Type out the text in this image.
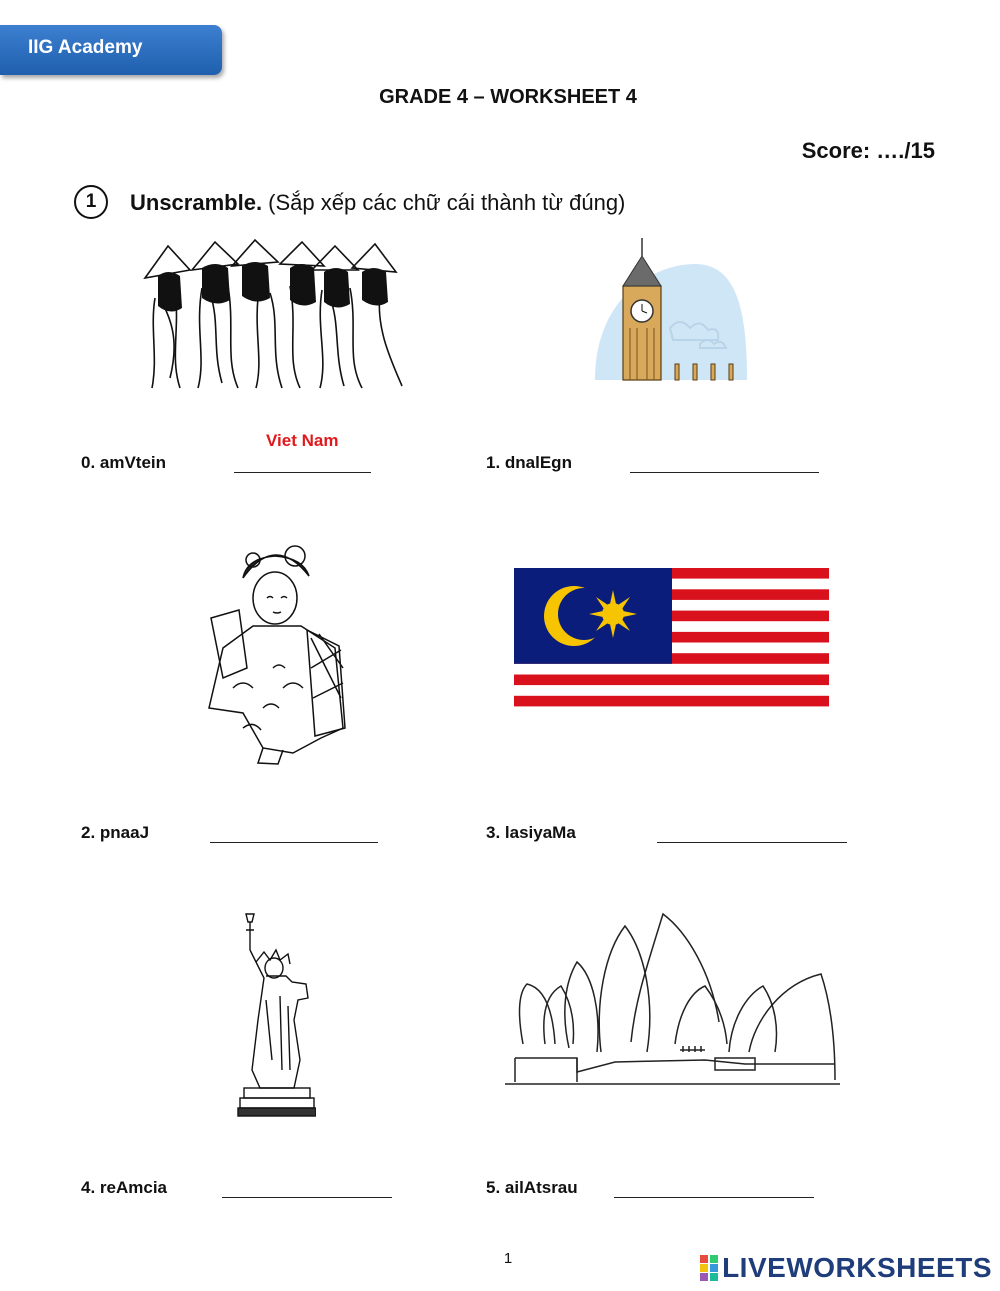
IIG Academy
GRADE 4 – WORKSHEET 4
Score: …./15
1	Unscramble. (Sắp xếp các chữ cái thành từ đúng)
Viet Nam
0. amVtein	1. dnalEgn
2. pnaaJ	3. lasiyaMa
4. reAmcia	5. ailAtsrau
1	LIVEWORKSHEETS
